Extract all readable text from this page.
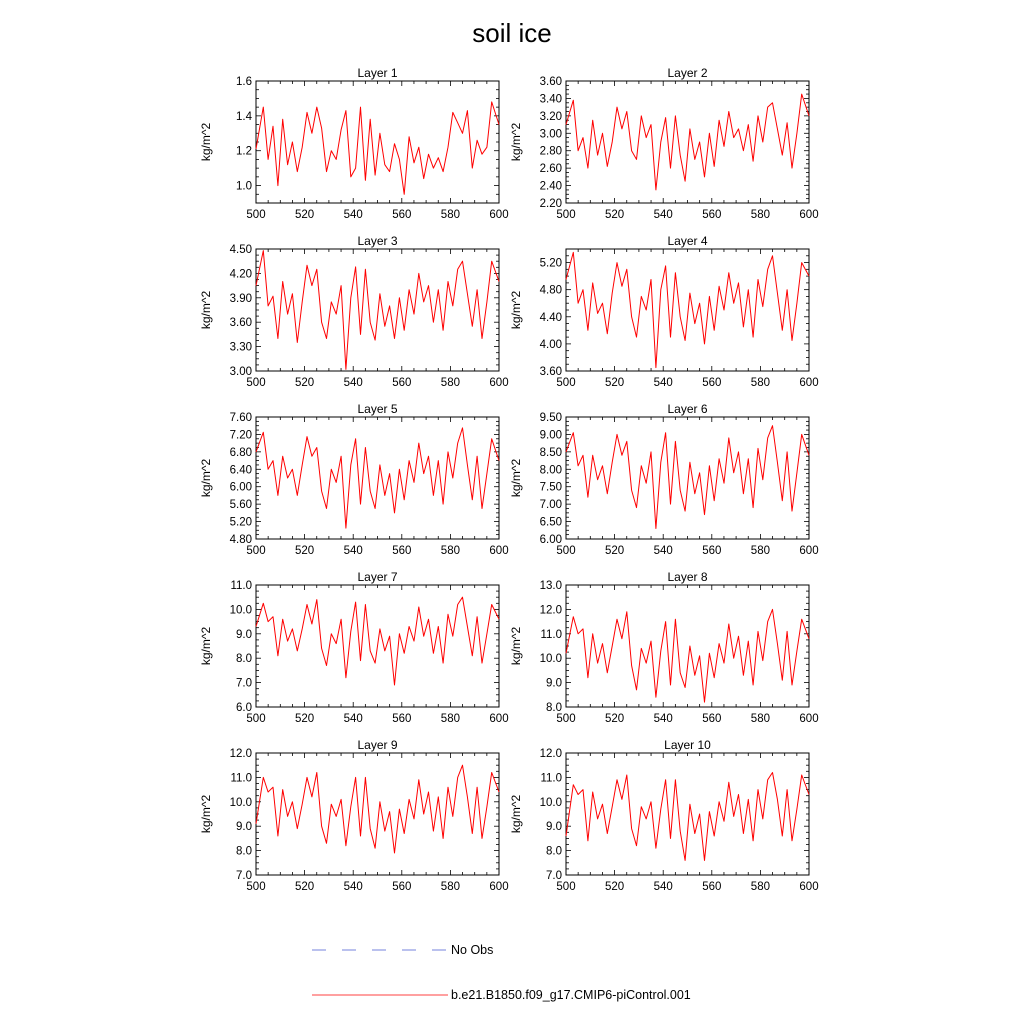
soil ice
Layer 1
500	520	540	560	580	600
1.0
1.2
1.4
1.6
kg/m^2
Layer 2
500	520	540	560	580	600
2.20
2.40
2.60
2.80
3.00
3.20
3.40
3.60
kg/m^2
Layer 3
500	520	540	560	580	600
3.00
3.30
3.60
3.90
4.20
4.50
kg/m^2
Layer 4
500	520	540	560	580	600
3.60
4.00
4.40
4.80
5.20
kg/m^2
Layer 5
500	520	540	560	580	600
4.80
5.20
5.60
6.00
6.40
6.80
7.20
7.60
kg/m^2
Layer 6
500	520	540	560	580	600
6.00
6.50
7.00
7.50
8.00
8.50
9.00
9.50
kg/m^2
Layer 7
500	520	540	560	580	600
6.0
7.0
8.0
9.0
10.0
11.0
kg/m^2
Layer 8
500	520	540	560	580	600
8.0
9.0
10.0
11.0
12.0
13.0
kg/m^2
Layer 9
500	520	540	560	580	600
7.0
8.0
9.0
10.0
11.0
12.0
kg/m^2
Layer 10
500	520	540	560	580	600
7.0
8.0
9.0
10.0
11.0
12.0
kg/m^2
No Obs
b.e21.B1850.f09_g17.CMIP6-piControl.001
